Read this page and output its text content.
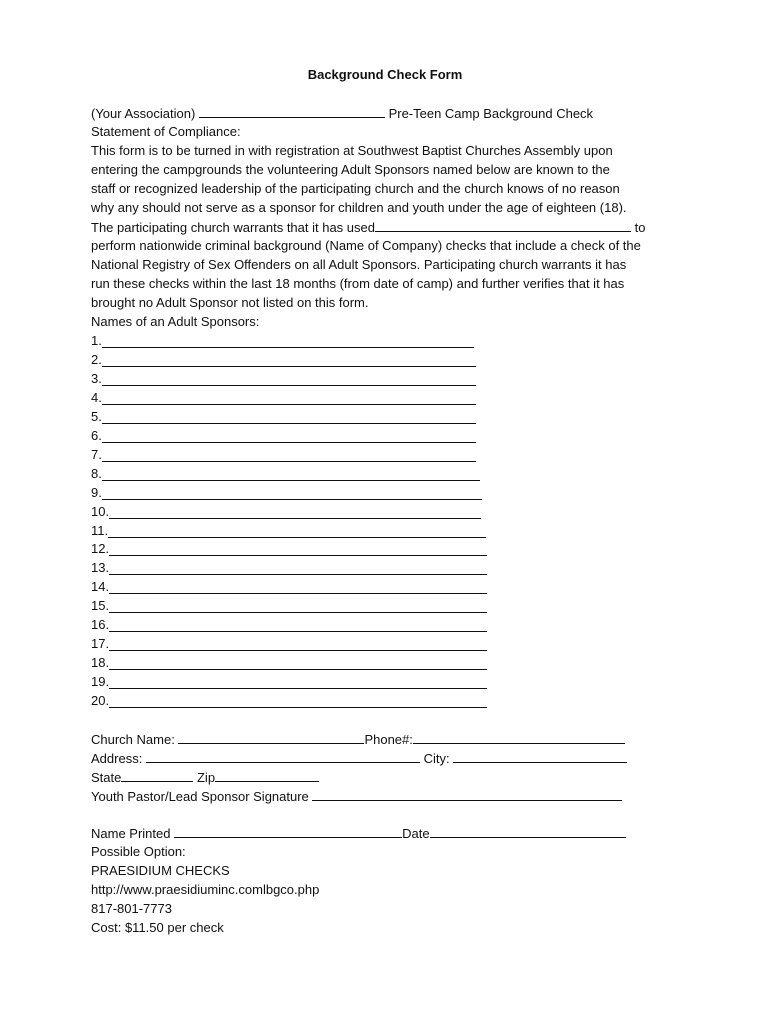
Background Check Form
(Your Association)	Pre-Teen Camp Background Check
Statement of Compliance:
This form is to be turned in with registration at Southwest Baptist Churches Assembly upon
entering the campgrounds the volunteering Adult Sponsors named below are known to the
staff or recognized leadership of the participating church and the church knows of no reason
why any should not serve as a sponsor for children and youth under the age of eighteen (18).
The participating church warrants that it has used	to
perform nationwide criminal background (Name of Company) checks that include a check of the
National Registry of Sex Offenders on all Adult Sponsors. Participating church warrants it has
run these checks within the last 18 months (from date of camp) and further verifies that it has
brought no Adult Sponsor not listed on this form.
Names of an Adult Sponsors:
1.
2.
3.
4.
5.
6.
7.
8.
9.
10.
11.
12.
13.
14.
15.
16.
17.
18.
19.
20.
Church Name:	Phone#:
Address:	City:
State	Zip
Youth Pastor/Lead Sponsor Signature
Name Printed	Date
Possible Option:
PRAESIDIUM CHECKS
http://www.praesidiuminc.comlbgco.php
817-801-7773
Cost: $11.50 per check
